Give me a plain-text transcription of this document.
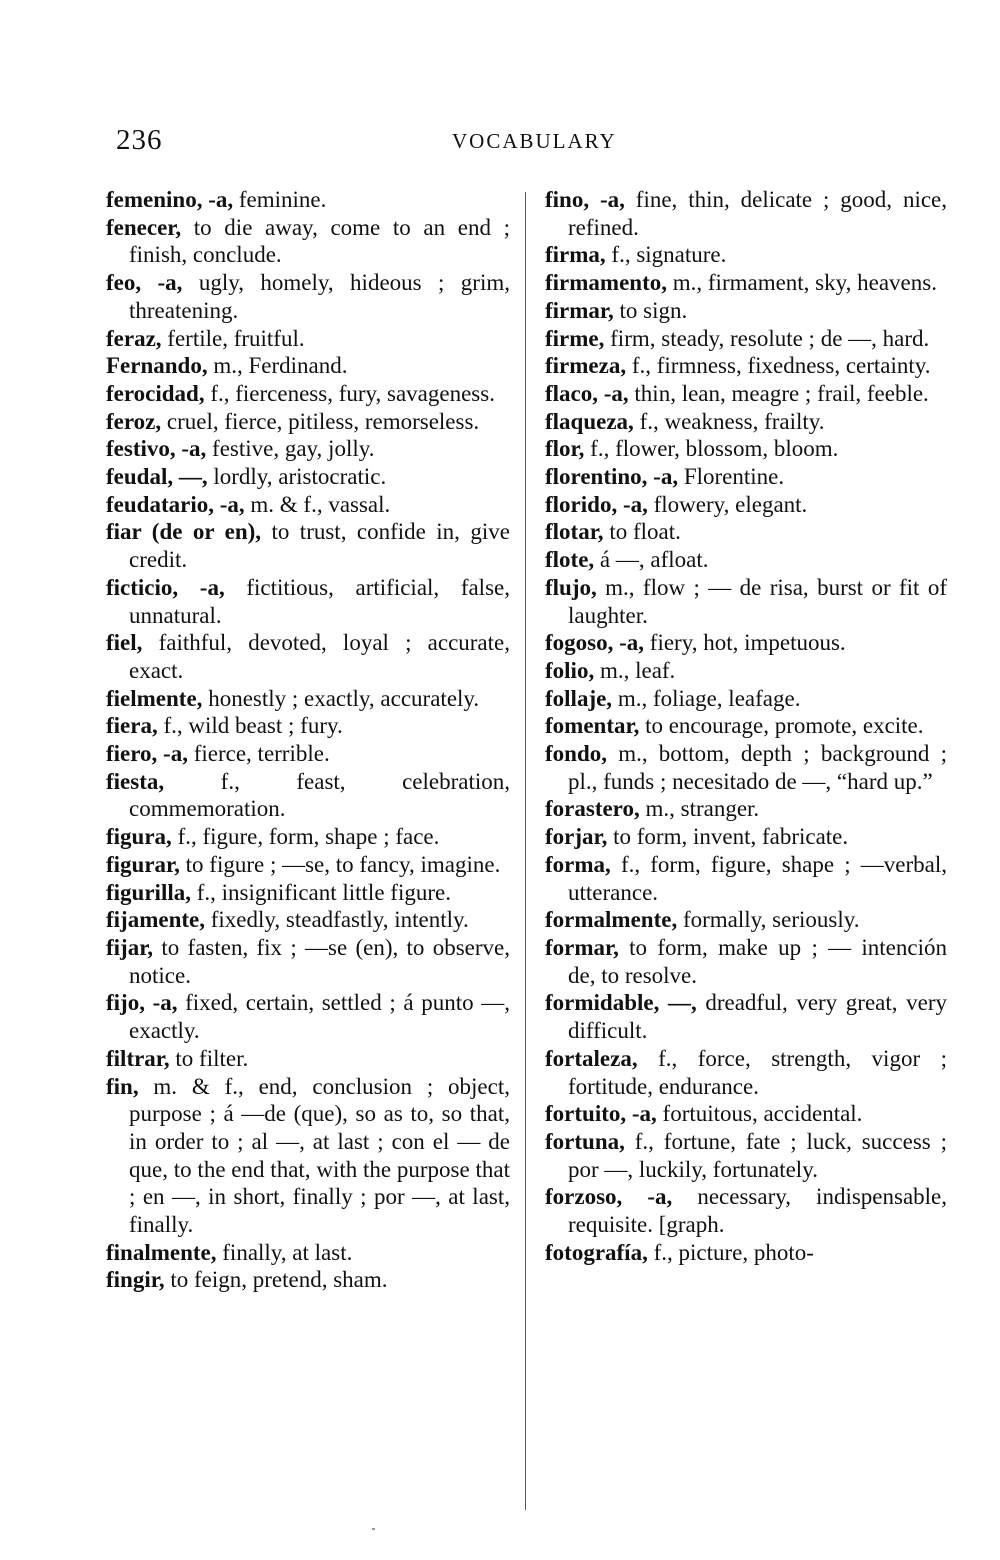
236	VOCABULARY

femenino, -a, feminine.

fenecer, to die away, come to an end ; finish, conclude.

feo, -a, ugly, homely, hideous ; grim, threatening.

feraz, fertile, fruitful.

Fernando, m., Ferdinand.

ferocidad, f., fierceness, fury, savageness.

feroz, cruel, fierce, pitiless, remorseless.

festivo, -a, festive, gay, jolly.

feudal, —, lordly, aristocratic.

feudatario, -a, m. & f., vassal.

fiar (de or en), to trust, confide in, give credit.

ficticio, -a, fictitious, artificial, false, unnatural.

fiel, faithful, devoted, loyal ; accurate, exact.

fielmente, honestly ; exactly, accurately.

fiera, f., wild beast ; fury.

fiero, -a, fierce, terrible.

fiesta, f., feast, celebration, commemoration.

figura, f., figure, form, shape ; face.

figurar, to figure ; —se, to fancy, imagine.

figurilla, f., insignificant little figure.

fijamente, fixedly, steadfastly, intently.

fijar, to fasten, fix ; —se (en), to observe, notice.

fijo, -a, fixed, certain, settled ; á punto —, exactly.

filtrar, to filter.

fin, m. & f., end, conclusion ; object, purpose ; á —de (que), so as to, so that, in order to ; al —, at last ; con el — de que, to the end that, with the purpose that ; en —, in short, finally ; por —, at last, finally.

finalmente, finally, at last.

fingir, to feign, pretend, sham.

fino, -a, fine, thin, delicate ; good, nice, refined.

firma, f., signature.

firmamento, m., firmament, sky, heavens.

firmar, to sign.

firme, firm, steady, resolute ; de —, hard.

firmeza, f., firmness, fixedness, certainty.

flaco, -a, thin, lean, meagre ; frail, feeble.

flaqueza, f., weakness, frailty.

flor, f., flower, blossom, bloom.

florentino, -a, Florentine.

florido, -a, flowery, elegant.

flotar, to float.

flote, á —, afloat.

flujo, m., flow ; — de risa, burst or fit of laughter.

fogoso, -a, fiery, hot, impetuous.

folio, m., leaf.

follaje, m., foliage, leafage.

fomentar, to encourage, promote, excite.

fondo, m., bottom, depth ; background ; pl., funds ; necesitado de —, “hard up.”

forastero, m., stranger.

forjar, to form, invent, fabricate.

forma, f., form, figure, shape ; —verbal, utterance.

formalmente, formally, seriously.

formar, to form, make up ; — intención de, to resolve.

formidable, —, dreadful, very great, very difficult.

fortaleza, f., force, strength, vigor ; fortitude, endurance.

fortuito, -a, fortuitous, accidental.

fortuna, f., fortune, fate ; luck, success ; por —, luckily, fortunately.

forzoso, -a, necessary, indispensable, requisite. [graph.

fotografía, f., picture, photo-
